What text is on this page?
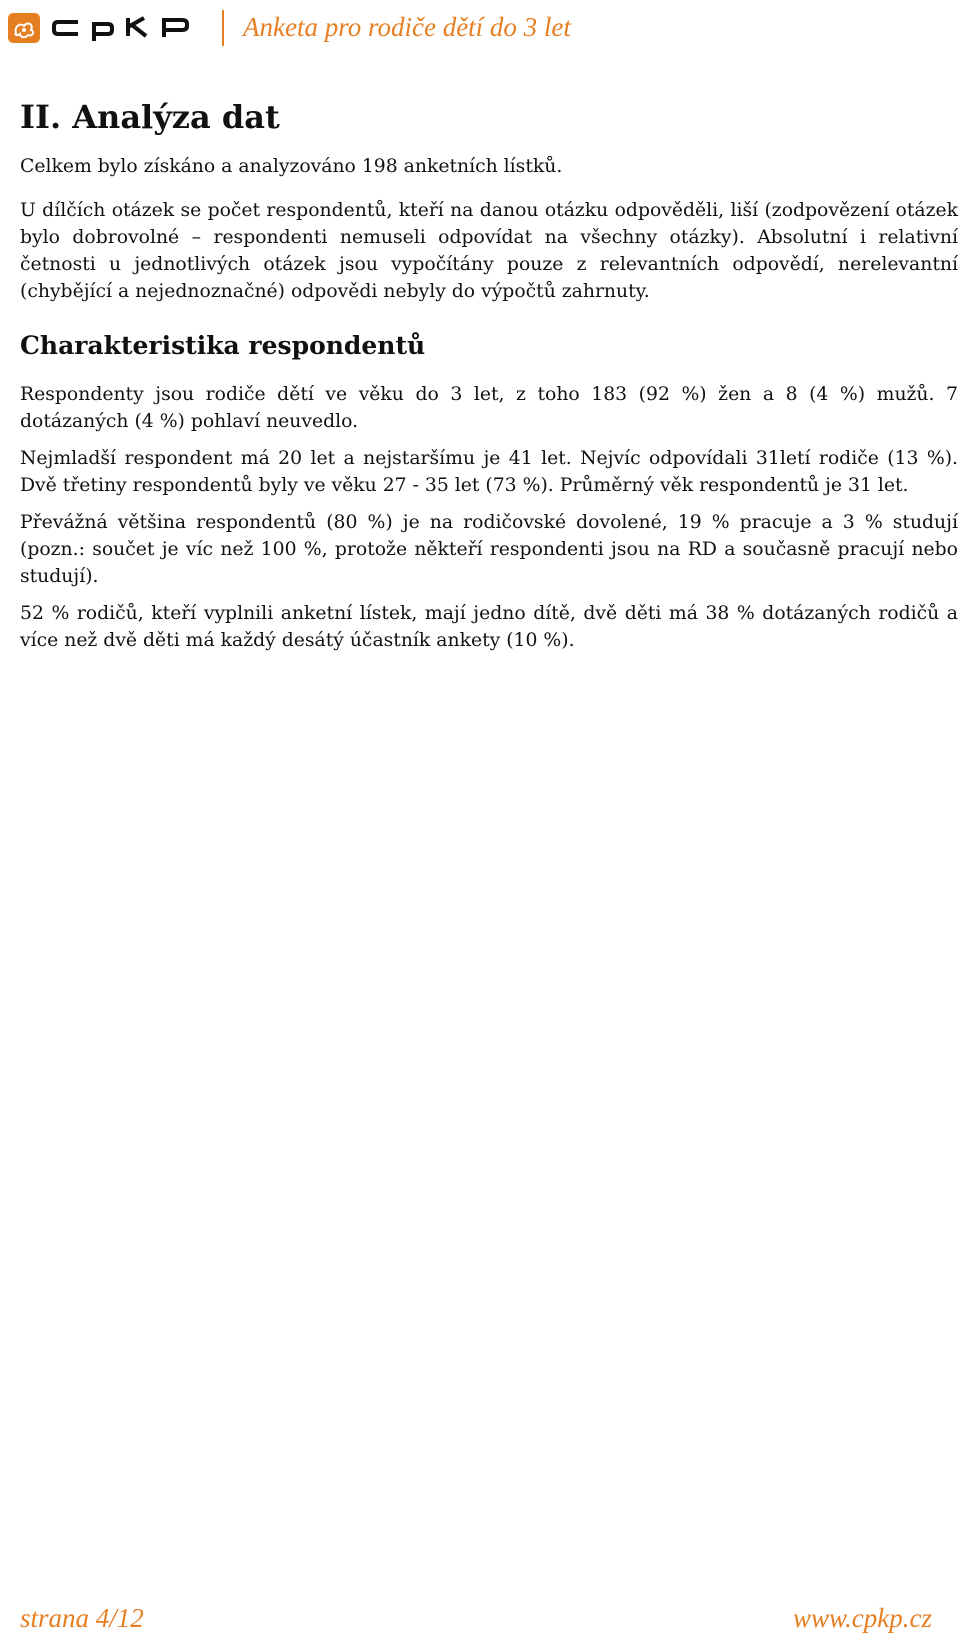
Anketa pro rodiče dětí do 3 let
II. Analýza dat

Celkem bylo získáno a analyzováno 198 anketních lístků.

U dílčích otázek se počet respondentů, kteří na danou otázku odpověděli, liší (zodpovězení otázek bylo dobrovolné – respondenti nemuseli odpovídat na všechny otázky). Absolutní i relativní četnosti u jednotlivých otázek jsou vypočítány pouze z relevantních odpovědí, nerelevantní (chybějící a nejednoznačné) odpovědi nebyly do výpočtů zahrnuty.

Charakteristika respondentů

Respondenty jsou rodiče dětí ve věku do 3 let, z toho 183 (92 %) žen a 8 (4 %) mužů. 7 dotázaných (4 %) pohlaví neuvedlo.

Nejmladší respondent má 20 let a nejstaršímu je 41 let. Nejvíc odpovídali 31letí rodiče (13 %). Dvě třetiny respondentů byly ve věku 27 - 35 let (73 %). Průměrný věk respondentů je 31 let.

Převážná většina respondentů (80 %) je na rodičovské dovolené, 19 % pracuje a 3 % studují (pozn.: součet je víc než 100 %, protože někteří respondenti jsou na RD a současně pracují nebo studují).

52 % rodičů, kteří vyplnili anketní lístek, mají jedno dítě, dvě děti má 38 % dotázaných rodičů a více než dvě děti má každý desátý účastník ankety (10 %).

strana 4/12	www.cpkp.cz
